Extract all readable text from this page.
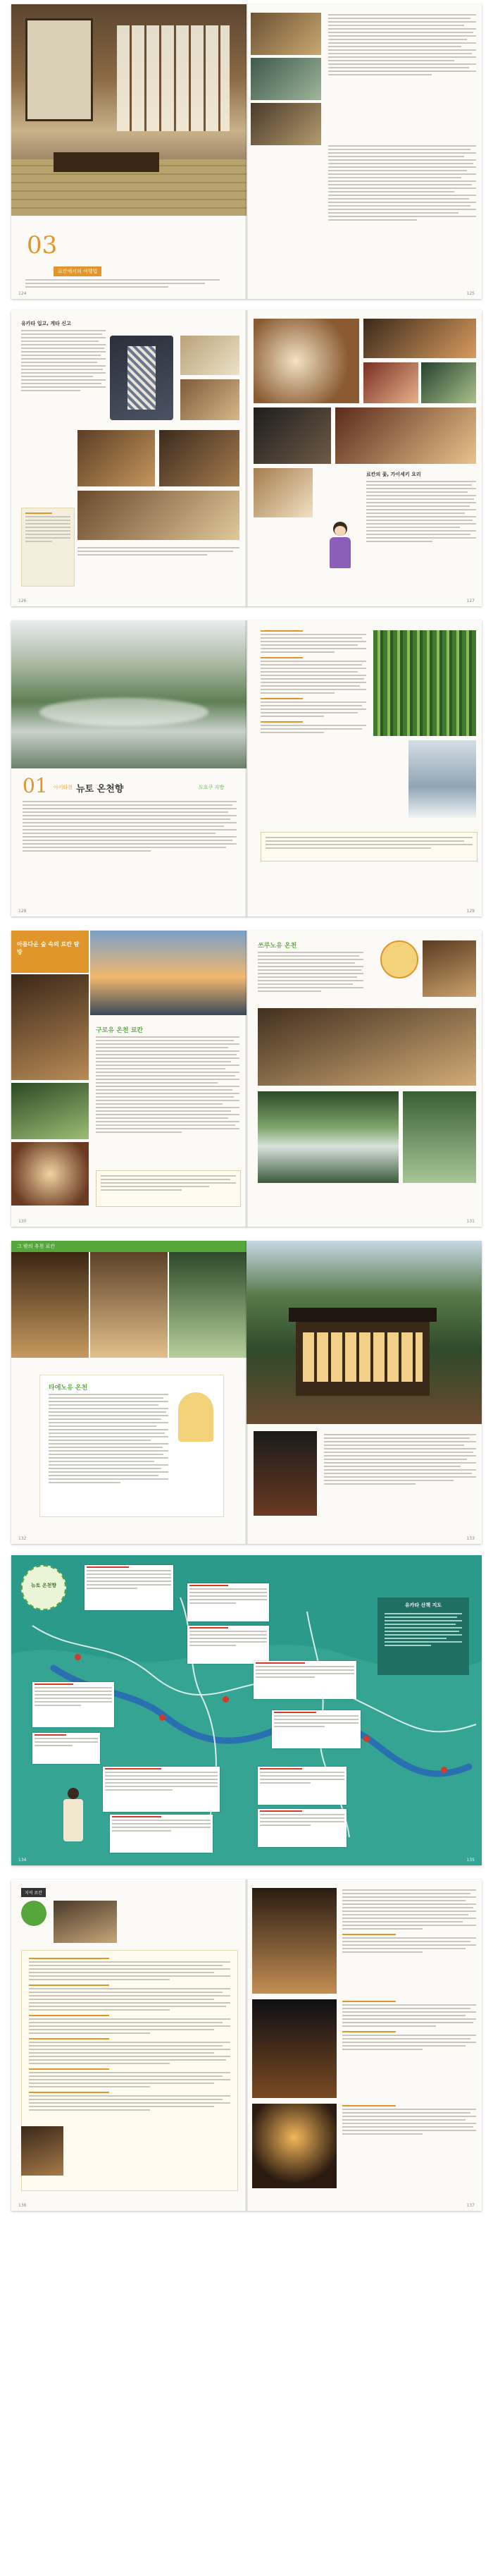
03
료칸에서의 여행법
124	125
유카타 입고, 게타 신고
126
료칸의 꽃, 가이세키 요리
127
01 아키타현 뉴토 온천향	도호쿠 지방
128	129
아름다운 숲 속의 료칸 탐방
구로유 온천 료칸
130
쓰루노유 온천
131
그 밖의 추천 료칸
타에노유 온천
132	133
뉴토 온천향
유카타 산책 지도
134	135
지역 료칸
136	137
